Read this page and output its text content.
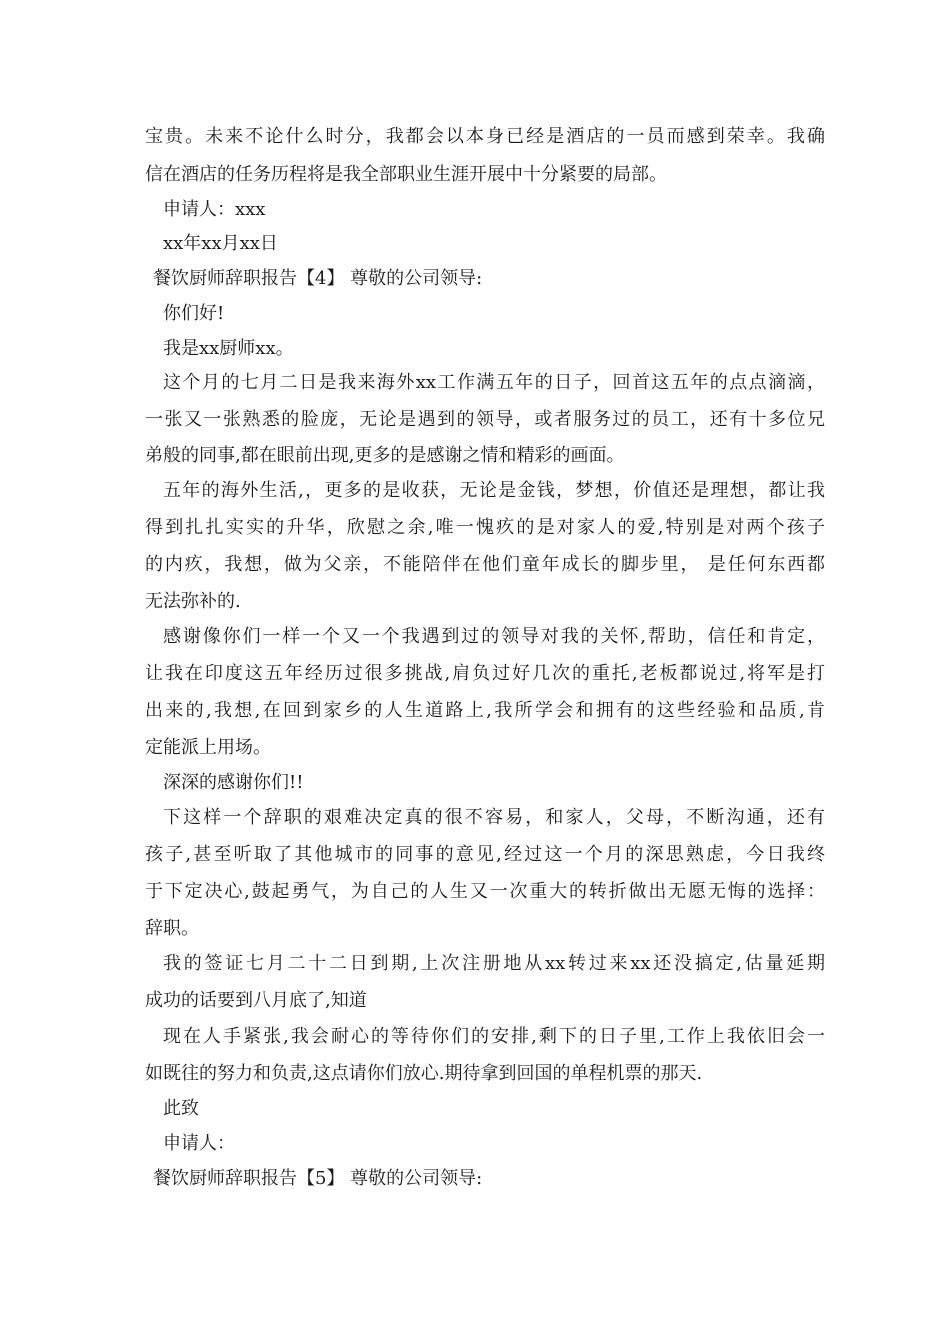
宝贵。未来不论什么时分，我都会以本身已经是酒店的一员而感到荣幸。我确
信在酒店的任务历程将是我全部职业生涯开展中十分紧要的局部。
申请人：xxx
xx年xx月xx日
餐饮厨师辞职报告【4】 尊敬的公司领导:
你们好!
我是xx厨师xx。
这个月的七月二日是我来海外xx工作满五年的日子，回首这五年的点点滴滴，
一张又一张熟悉的脸庞，无论是遇到的领导，或者服务过的员工，还有十多位兄
弟般的同事,都在眼前出现,更多的是感谢之情和精彩的画面。
五年的海外生活,，更多的是收获，无论是金钱，梦想，价值还是理想，都让我
得到扎扎实实的升华，欣慰之余,唯一愧疚的是对家人的爱,特别是对两个孩子
的内疚，我想，做为父亲，不能陪伴在他们童年成长的脚步里， 是任何东西都
无法弥补的.
感谢像你们一样一个又一个我遇到过的领导对我的关怀,帮助，信任和肯定，
让我在印度这五年经历过很多挑战,肩负过好几次的重托,老板都说过,将军是打
出来的,我想,在回到家乡的人生道路上,我所学会和拥有的这些经验和品质,肯
定能派上用场。
深深的感谢你们!!
下这样一个辞职的艰难决定真的很不容易，和家人，父母，不断沟通，还有
孩子,甚至听取了其他城市的同事的意见,经过这一个月的深思熟虑，今日我终
于下定决心,鼓起勇气，为自己的人生又一次重大的转折做出无愿无悔的选择：
辞职。
我的签证七月二十二日到期,上次注册地从xx转过来xx还没搞定,估量延期
成功的话要到八月底了,知道
现在人手紧张,我会耐心的等待你们的安排,剩下的日子里,工作上我依旧会一
如既往的努力和负责,这点请你们放心.期待拿到回国的单程机票的那天.
此致
申请人：
餐饮厨师辞职报告【5】 尊敬的公司领导:
